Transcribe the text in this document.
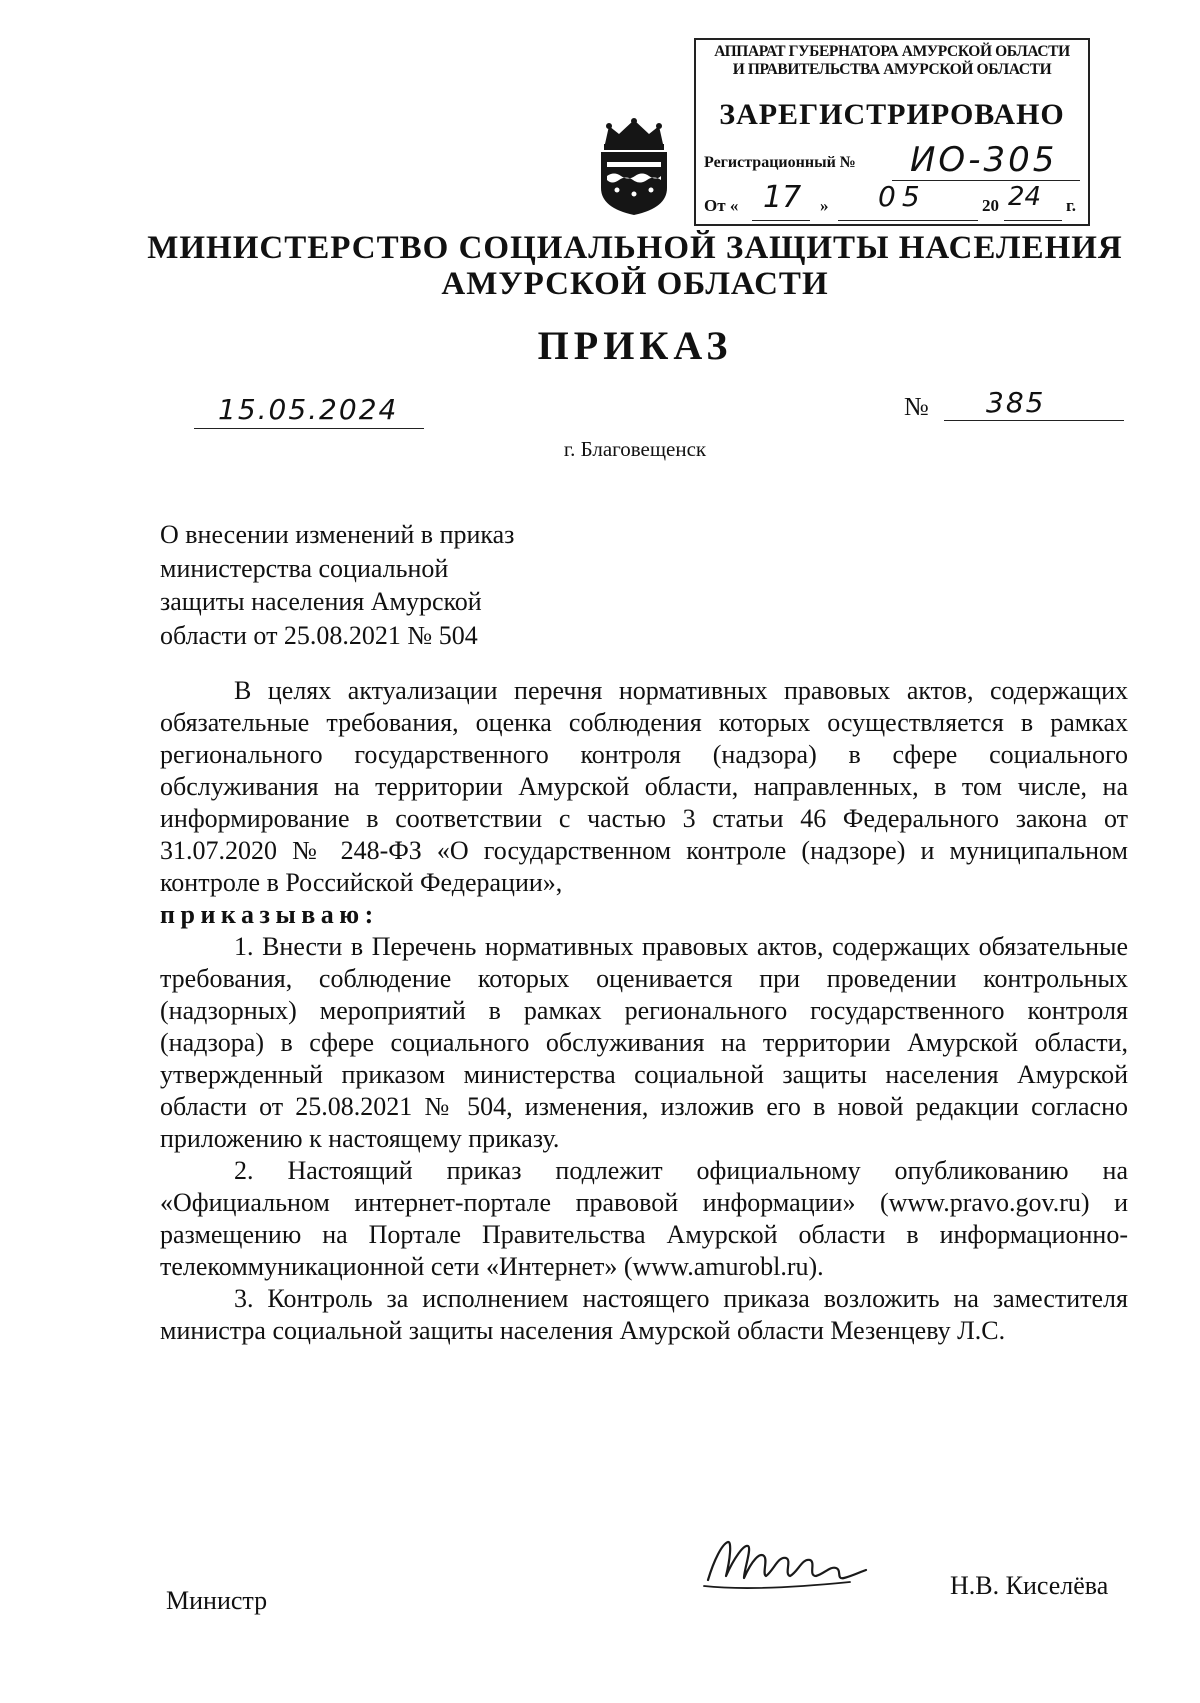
АППАРАТ ГУБЕРНАТОРА АМУРСКОЙ ОБЛАСТИ
И ПРАВИТЕЛЬСТВА АМУРСКОЙ ОБЛАСТИ
ЗАРЕГИСТРИРОВАНО
Регистрационный № ИО-305
От « 17 » 05	20 24 г.
МИНИСТЕРСТВО СОЦИАЛЬНОЙ ЗАЩИТЫ НАСЕЛЕНИЯ
АМУРСКОЙ ОБЛАСТИ
ПРИКАЗ
15.05.2024	№ 385
г. Благовещенск
О внесении изменений в приказ
министерства социальной
защиты населения Амурской
области от 25.08.2021 № 504

В целях актуализации перечня нормативных правовых актов, содержащих обязательные требования, оценка соблюдения которых осуществляется в рамках регионального государственного контроля (надзора) в сфере социального обслуживания на территории Амурской области, направленных, в том числе, на информирование в соответствии с частью 3 статьи 46 Федерального закона от 31.07.2020 № 248-ФЗ «О государственном контроле (надзоре) и муниципальном контроле в Российской Федерации»,

приказываю:

1. Внести в Перечень нормативных правовых актов, содержащих обязательные требования, соблюдение которых оценивается при проведении контрольных (надзорных) мероприятий в рамках регионального государственного контроля (надзора) в сфере социального обслуживания на территории Амурской области, утвержденный приказом министерства социальной защиты населения Амурской области от 25.08.2021 № 504, изменения, изложив его в новой редакции согласно приложению к настоящему приказу.

2. Настоящий приказ подлежит официальному опубликованию на «Официальном интернет-портале правовой информации» (www.pravo.gov.ru) и размещению на Портале Правительства Амурской области в информационно-телекоммуникационной сети «Интернет» (www.amurobl.ru).

3. Контроль за исполнением настоящего приказа возложить на заместителя министра социальной защиты населения Амурской области Мезенцеву Л.С.

Министр
Н.В. Киселёва
